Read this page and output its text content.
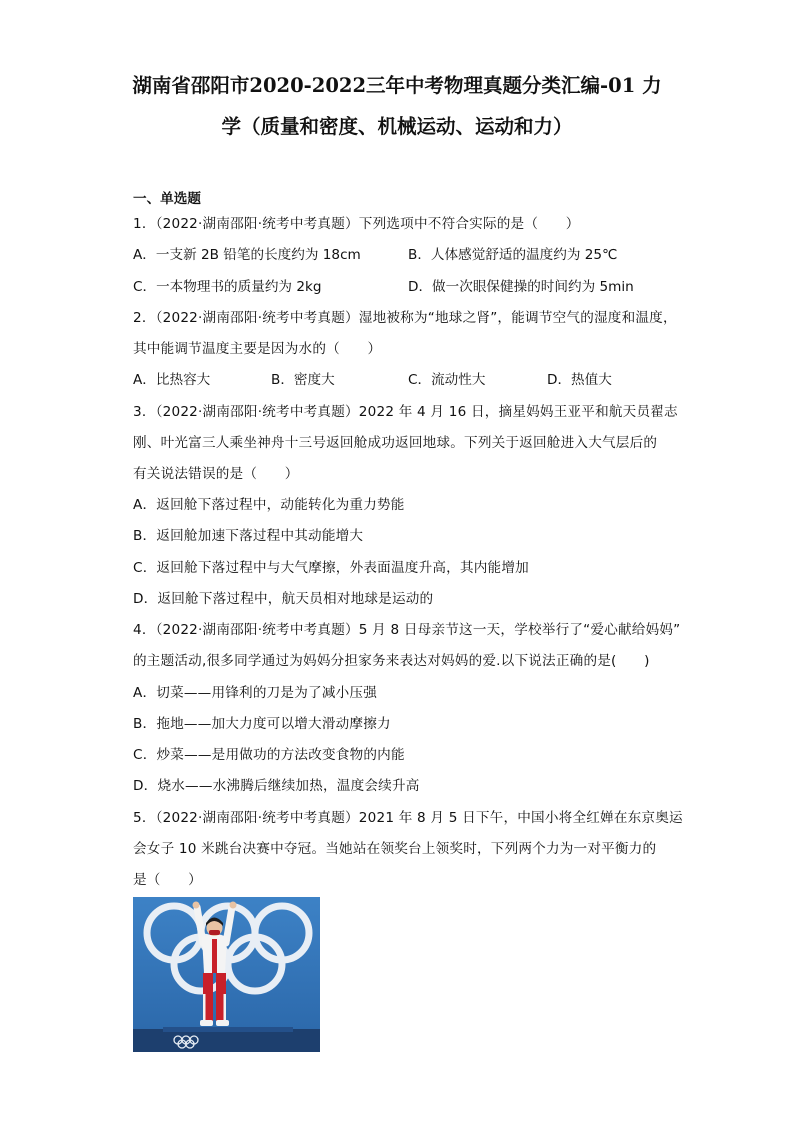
湖南省邵阳市2020-2022三年中考物理真题分类汇编-01 力
学（质量和密度、机械运动、运动和力）
一、单选题
1．（2022·湖南邵阳·统考中考真题）下列选项中不符合实际的是（　　）
A．一支新 2B 铅笔的长度约为 18cm	B．人体感觉舒适的温度约为 25℃
C．一本物理书的质量约为 2kg	D．做一次眼保健操的时间约为 5min
2．（2022·湖南邵阳·统考中考真题）湿地被称为“地球之肾”，能调节空气的湿度和温度，
其中能调节温度主要是因为水的（　　）
A．比热容大	B．密度大	C．流动性大	D．热值大
3．（2022·湖南邵阳·统考中考真题）2022 年 4 月 16 日，摘星妈妈王亚平和航天员翟志
刚、叶光富三人乘坐神舟十三号返回舱成功返回地球。下列关于返回舱进入大气层后的
有关说法错误的是（　　）
A．返回舱下落过程中，动能转化为重力势能
B．返回舱加速下落过程中其动能增大
C．返回舱下落过程中与大气摩擦，外表面温度升高，其内能增加
D．返回舱下落过程中，航天员相对地球是运动的
4．（2022·湖南邵阳·统考中考真题）5 月 8 日母亲节这一天，学校举行了“爱心献给妈妈”
的主题活动,很多同学通过为妈妈分担家务来表达对妈妈的爱.以下说法正确的是(　　)
A．切菜——用锋利的刀是为了减小压强
B．拖地——加大力度可以增大滑动摩擦力
C．炒菜——是用做功的方法改变食物的内能
D．烧水——水沸腾后继续加热，温度会续升高
5．（2022·湖南邵阳·统考中考真题）2021 年 8 月 5 日下午，中国小将全红婵在东京奥运
会女子 10 米跳台决赛中夺冠。当她站在领奖台上领奖时，下列两个力为一对平衡力的
是（　　）
